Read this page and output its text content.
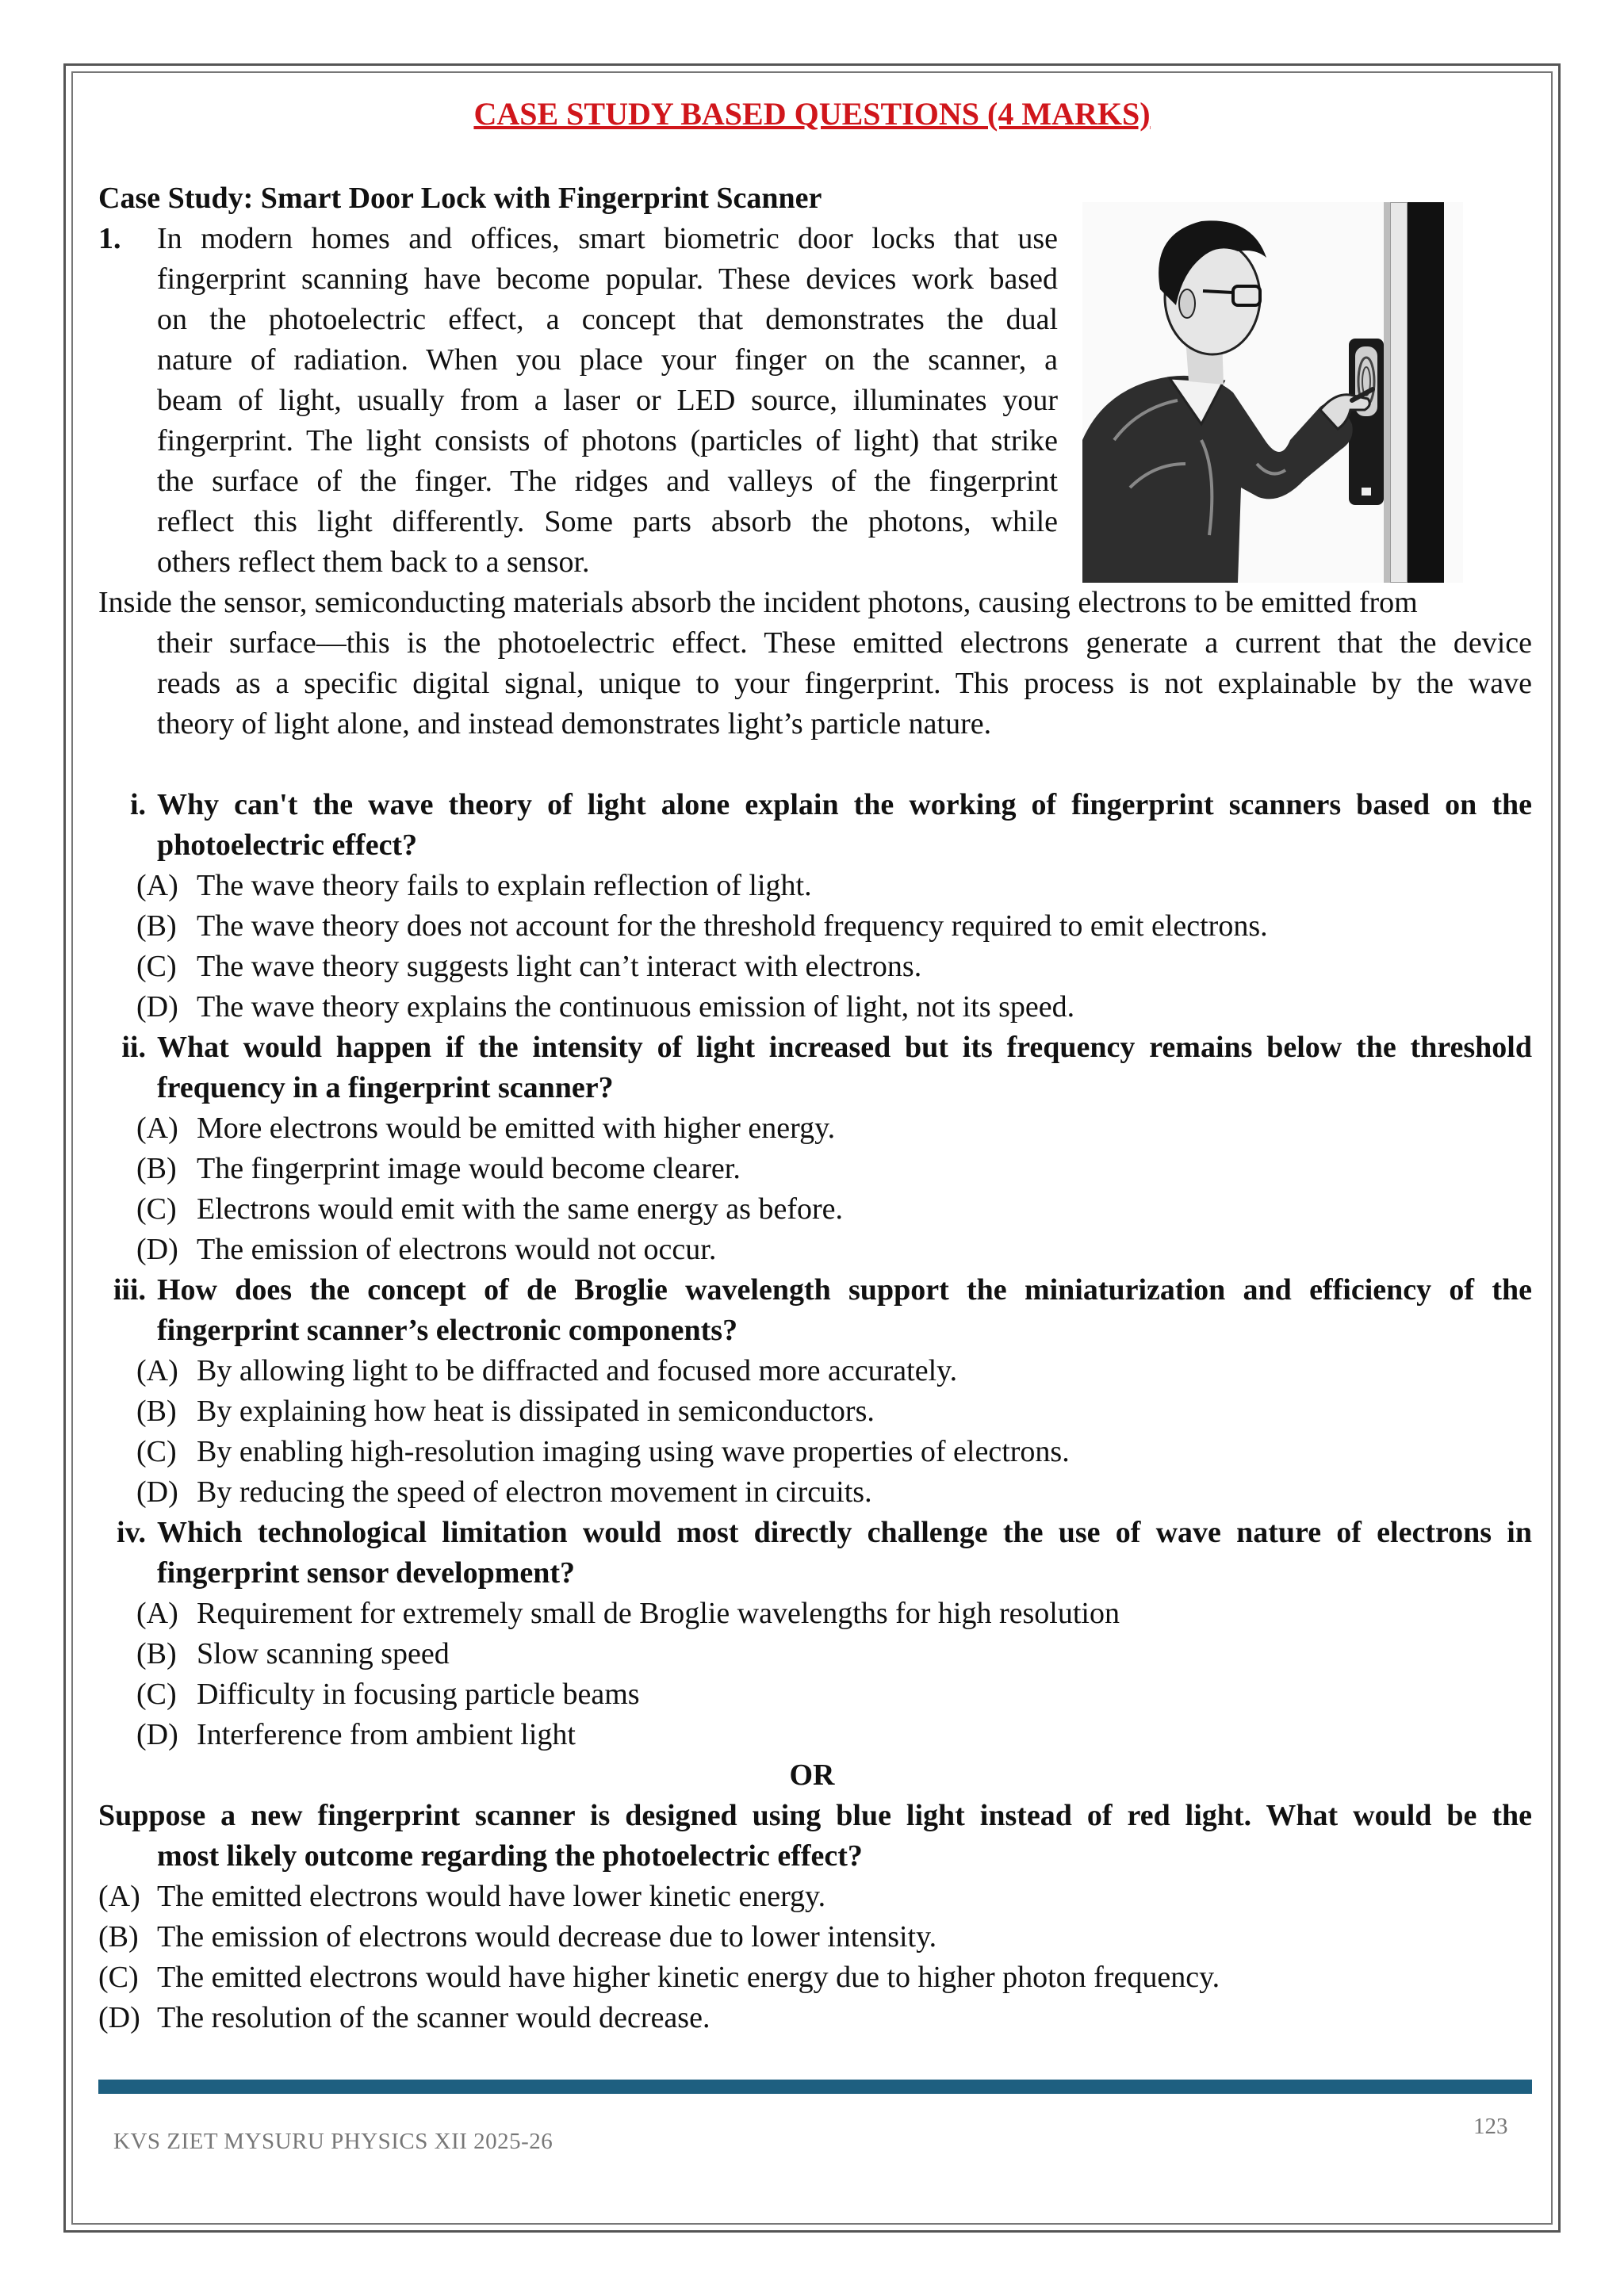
CASE STUDY BASED QUESTIONS (4 MARKS)
Case Study: Smart Door Lock with Fingerprint Scanner
1. In modern homes and offices, smart biometric door locks that use
fingerprint scanning have become popular. These devices work based
on the photoelectric effect, a concept that demonstrates the dual
nature of radiation. When you place your finger on the scanner, a
beam of light, usually from a laser or LED source, illuminates your
fingerprint. The light consists of photons (particles of light) that strike
the surface of the finger. The ridges and valleys of the fingerprint
reflect this light differently. Some parts absorb the photons, while
others reflect them back to a sensor.
Inside the sensor, semiconducting materials absorb the incident photons, causing electrons to be emitted from
their surface—this is the photoelectric effect. These emitted electrons generate a current that the device
reads as a specific digital signal, unique to your fingerprint. This process is not explainable by the wave
theory of light alone, and instead demonstrates light’s particle nature.
i. Why can't the wave theory of light alone explain the working of fingerprint scanners based on the
photoelectric effect?
(A) The wave theory fails to explain reflection of light.
(B) The wave theory does not account for the threshold frequency required to emit electrons.
(C) The wave theory suggests light can’t interact with electrons.
(D) The wave theory explains the continuous emission of light, not its speed.
ii. What would happen if the intensity of light increased but its frequency remains below the threshold
frequency in a fingerprint scanner?
(A) More electrons would be emitted with higher energy.
(B) The fingerprint image would become clearer.
(C) Electrons would emit with the same energy as before.
(D) The emission of electrons would not occur.
iii. How does the concept of de Broglie wavelength support the miniaturization and efficiency of the
fingerprint scanner’s electronic components?
(A) By allowing light to be diffracted and focused more accurately.
(B) By explaining how heat is dissipated in semiconductors.
(C) By enabling high-resolution imaging using wave properties of electrons.
(D) By reducing the speed of electron movement in circuits.
iv. Which technological limitation would most directly challenge the use of wave nature of electrons in
fingerprint sensor development?
(A) Requirement for extremely small de Broglie wavelengths for high resolution
(B) Slow scanning speed
(C) Difficulty in focusing particle beams
(D) Interference from ambient light
OR
Suppose a new fingerprint scanner is designed using blue light instead of red light. What would be the
most likely outcome regarding the photoelectric effect?
(A) The emitted electrons would have lower kinetic energy.
(B) The emission of electrons would decrease due to lower intensity.
(C) The emitted electrons would have higher kinetic energy due to higher photon frequency.
(D) The resolution of the scanner would decrease.
KVS ZIET MYSURU PHYSICS XII 2025-26
123
